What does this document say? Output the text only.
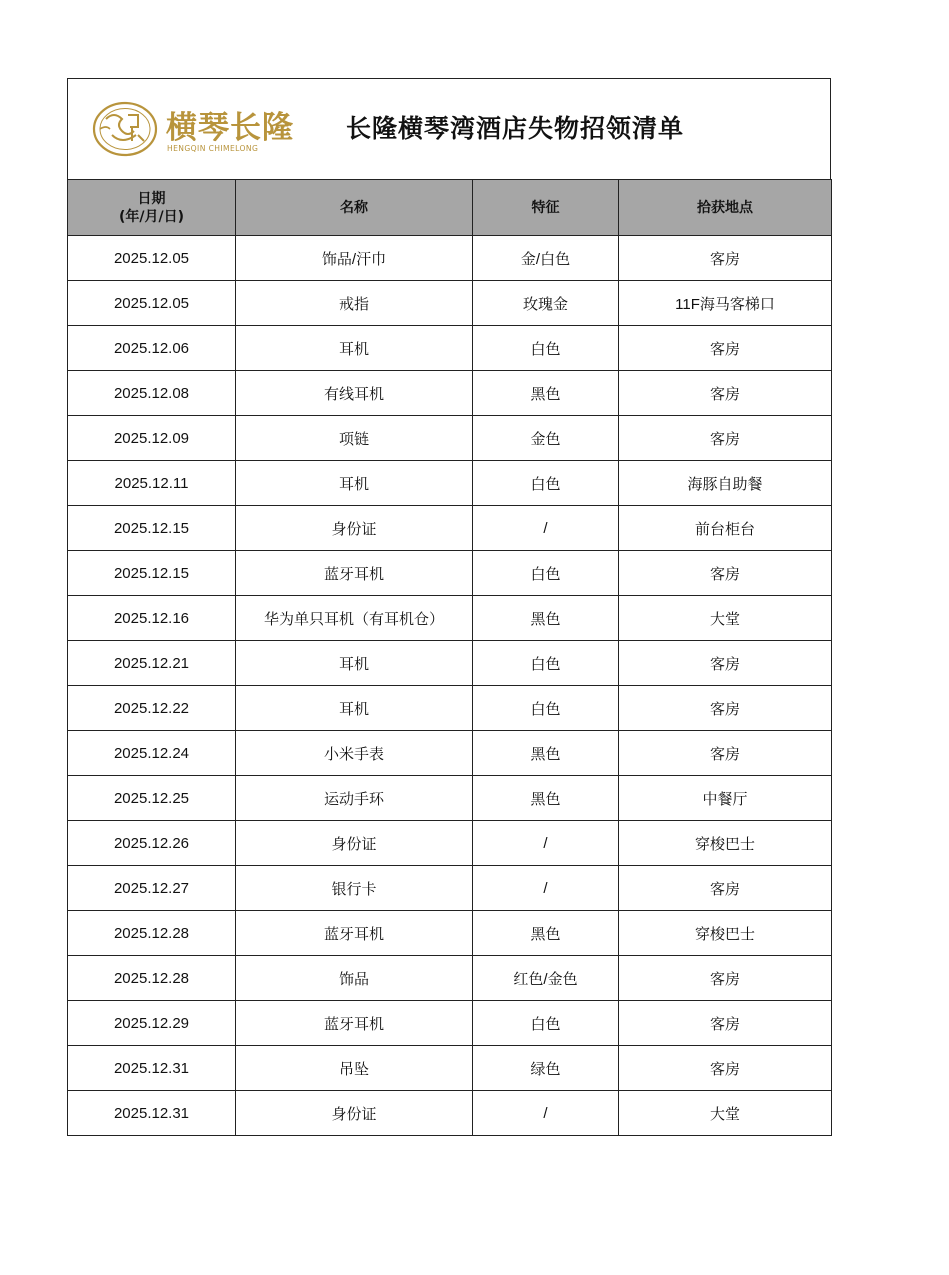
横琴长隆
HENGQIN CHIMELONG
长隆横琴湾酒店失物招领清单
日期
(年/月/日)	名称	特征	拾获地点
2025.12.05	饰品/汗巾	金/白色	客房
2025.12.05	戒指	玫瑰金	11F海马客梯口
2025.12.06	耳机	白色	客房
2025.12.08	有线耳机	黑色	客房
2025.12.09	项链	金色	客房
2025.12.11	耳机	白色	海豚自助餐
2025.12.15	身份证	/	前台柜台
2025.12.15	蓝牙耳机	白色	客房
2025.12.16	华为单只耳机（有耳机仓）	黑色	大堂
2025.12.21	耳机	白色	客房
2025.12.22	耳机	白色	客房
2025.12.24	小米手表	黑色	客房
2025.12.25	运动手环	黑色	中餐厅
2025.12.26	身份证	/	穿梭巴士
2025.12.27	银行卡	/	客房
2025.12.28	蓝牙耳机	黑色	穿梭巴士
2025.12.28	饰品	红色/金色	客房
2025.12.29	蓝牙耳机	白色	客房
2025.12.31	吊坠	绿色	客房
2025.12.31	身份证	/	大堂
